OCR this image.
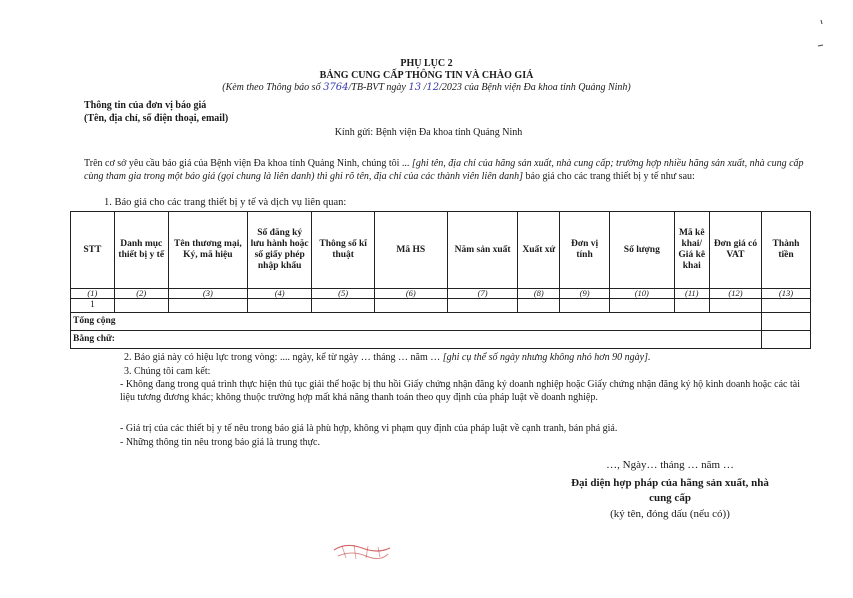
PHỤ LỤC 2
BẢNG CUNG CẤP THÔNG TIN VÀ CHÀO GIÁ
(Kèm theo Thông báo số 3764/TB-BVT ngày 13 /12/2023 của Bệnh viện Đa khoa tỉnh Quảng Ninh)
Thông tin của đơn vị báo giá
(Tên, địa chỉ, số điện thoại, email)
Kính gửi: Bệnh viện Đa khoa tỉnh Quảng Ninh
Trên cơ sở yêu cầu báo giá của Bệnh viện Đa khoa tỉnh Quảng Ninh, chúng tôi ... [ghi tên, địa chỉ của hãng sản xuất, nhà cung cấp; trường hợp nhiều hãng sản xuất, nhà cung cấp cùng tham gia trong một báo giá (gọi chung là liên danh) thì ghi rõ tên, địa chỉ của các thành viên liên danh] báo giá cho các trang thiết bị y tế như sau:
1. Báo giá cho các trang thiết bị y tế và dịch vụ liên quan:
STT	Danh mục thiết bị y tế	Tên thương mại, Ký, mã hiệu	Số đăng ký lưu hành hoặc số giấy phép nhập khẩu	Thông số kĩ thuật	Mã HS	Năm sản xuất	Xuất xứ	Đơn vị tính	Số lượng	Mã kê khai/ Giá kê khai	Đơn giá có VAT	Thành tiền
(1)	(2)	(3)	(4)	(5)	(6)	(7)	(8)	(9)	(10)	(11)	(12)	(13)
1												
Tổng cộng												
Bằng chữ:												
2. Báo giá này có hiệu lực trong vòng: .... ngày, kể từ ngày … tháng … năm … [ghi cụ thể số ngày nhưng không nhỏ hơn 90 ngày].
3. Chúng tôi cam kết:
- Không đang trong quá trình thực hiện thủ tục giải thể hoặc bị thu hồi Giấy chứng nhận đăng ký doanh nghiệp hoặc Giấy chứng nhận đăng ký hộ kinh doanh hoặc các tài liệu tương đương khác; không thuộc trường hợp mất khả năng thanh toán theo quy định của pháp luật về doanh nghiệp.
- Giá trị của các thiết bị y tế nêu trong báo giá là phù hợp, không vi phạm quy định của pháp luật về cạnh tranh, bán phá giá.
- Những thông tin nêu trong báo giá là trung thực.
…, Ngày… tháng … năm …
Đại diện hợp pháp của hãng sản xuất, nhà
cung cấp
(ký tên, đóng dấu (nếu có))
